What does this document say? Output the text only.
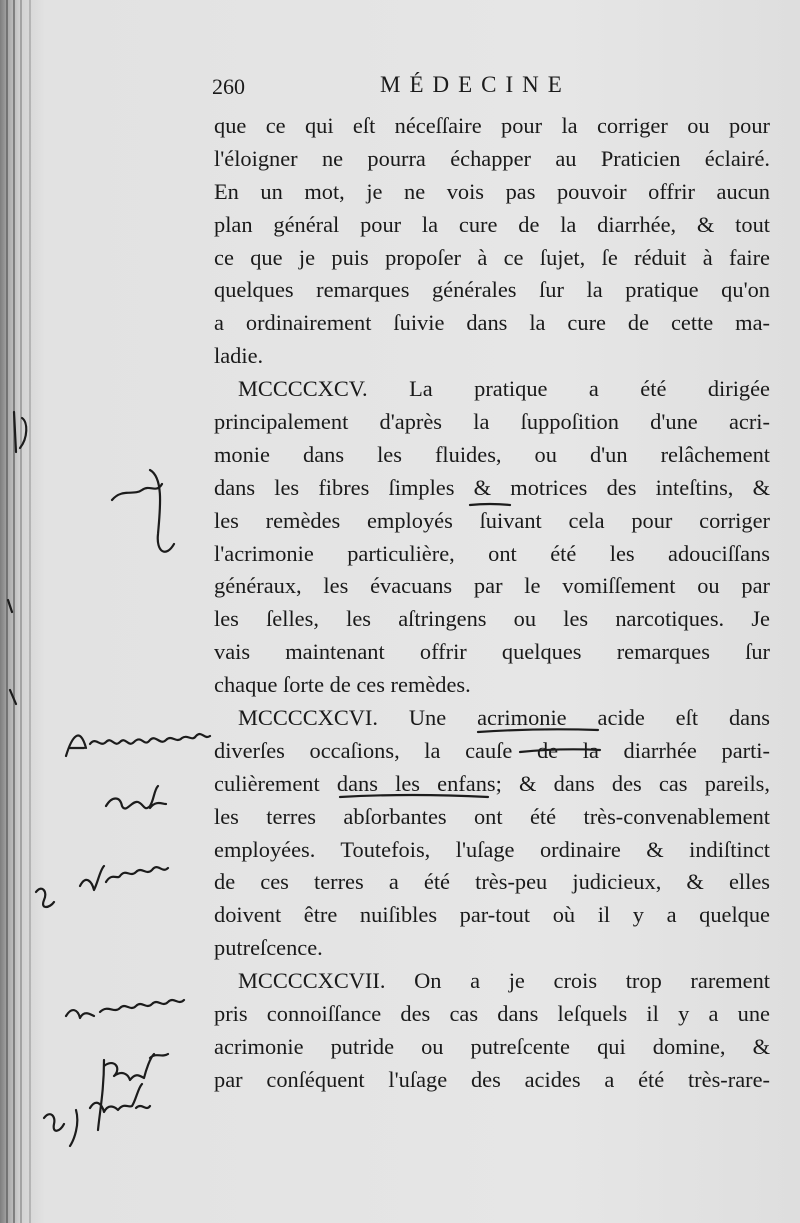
260	MÉDECINE
que ce qui eſt néceſſaire pour la corriger ou pour
l'éloigner ne pourra échapper au Praticien éclairé.
En un mot, je ne vois pas pouvoir offrir aucun
plan général pour la cure de la diarrhée, & tout
ce que je puis propoſer à ce ſujet, ſe réduit à faire
quelques remarques générales ſur la pratique qu'on
a ordinairement ſuivie dans la cure de cette ma-
ladie.
MCCCCXCV. La pratique a été dirigée
principalement d'après la ſuppoſition d'une acri-
monie dans les fluides, ou d'un relâchement
dans les fibres ſimples & motrices des inteſtins, &
les remèdes employés ſuivant cela pour corriger
l'acrimonie particulière, ont été les adouciſſans
généraux, les évacuans par le vomiſſement ou par
les ſelles, les aſtringens ou les narcotiques. Je
vais maintenant offrir quelques remarques ſur
chaque ſorte de ces remèdes.
MCCCCXCVI. Une acrimonie acide eſt dans
diverſes occaſions, la cauſe de la diarrhée parti-
culièrement dans les enfans; & dans des cas pareils,
les terres abſorbantes ont été très-convenablement
employées. Toutefois, l'uſage ordinaire & indiſtinct
de ces terres a été très-peu judicieux, & elles
doivent être nuiſibles par-tout où il y a quelque
putreſcence.
MCCCCXCVII. On a je crois trop rarement
pris connoiſſance des cas dans leſquels il y a une
acrimonie putride ou putreſcente qui domine, &
par conſéquent l'uſage des acides a été très-rare-
